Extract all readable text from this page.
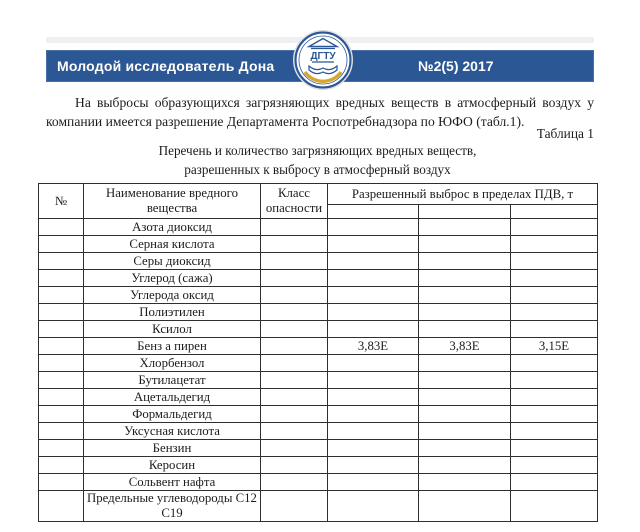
Молодой исследователь Дона	№2(5) 2017
ДГТУ

На выбросы образующихся загрязняющих вредных веществ в атмосферный воздух у компании имеется разрешение Департамента Роспотребнадзора по ЮФО (табл.1).

Таблица 1
Перечень и количество загрязняющих вредных веществ,
разрешенных к выбросу в атмосферный воздух
№	Наименование вредного вещества	Класс опасности	Разрешенный выброс в пределах ПДВ, т		

	Азота диоксид				
	Серная кислота				
	Серы диоксид				
	Углерод (сажа)				
	Углерода оксид				
	Полиэтилен				
	Ксилол				
	Бенз а пирен		3,83Е	3,83Е	3,15Е
	Хлорбензол				
	Бутилацетат				
	Ацетальдегид				
	Формальдегид				
	Уксусная кислота				
	Бензин				
	Керосин				
	Сольвент нафта				
	Предельные углеводороды С12 С19				
